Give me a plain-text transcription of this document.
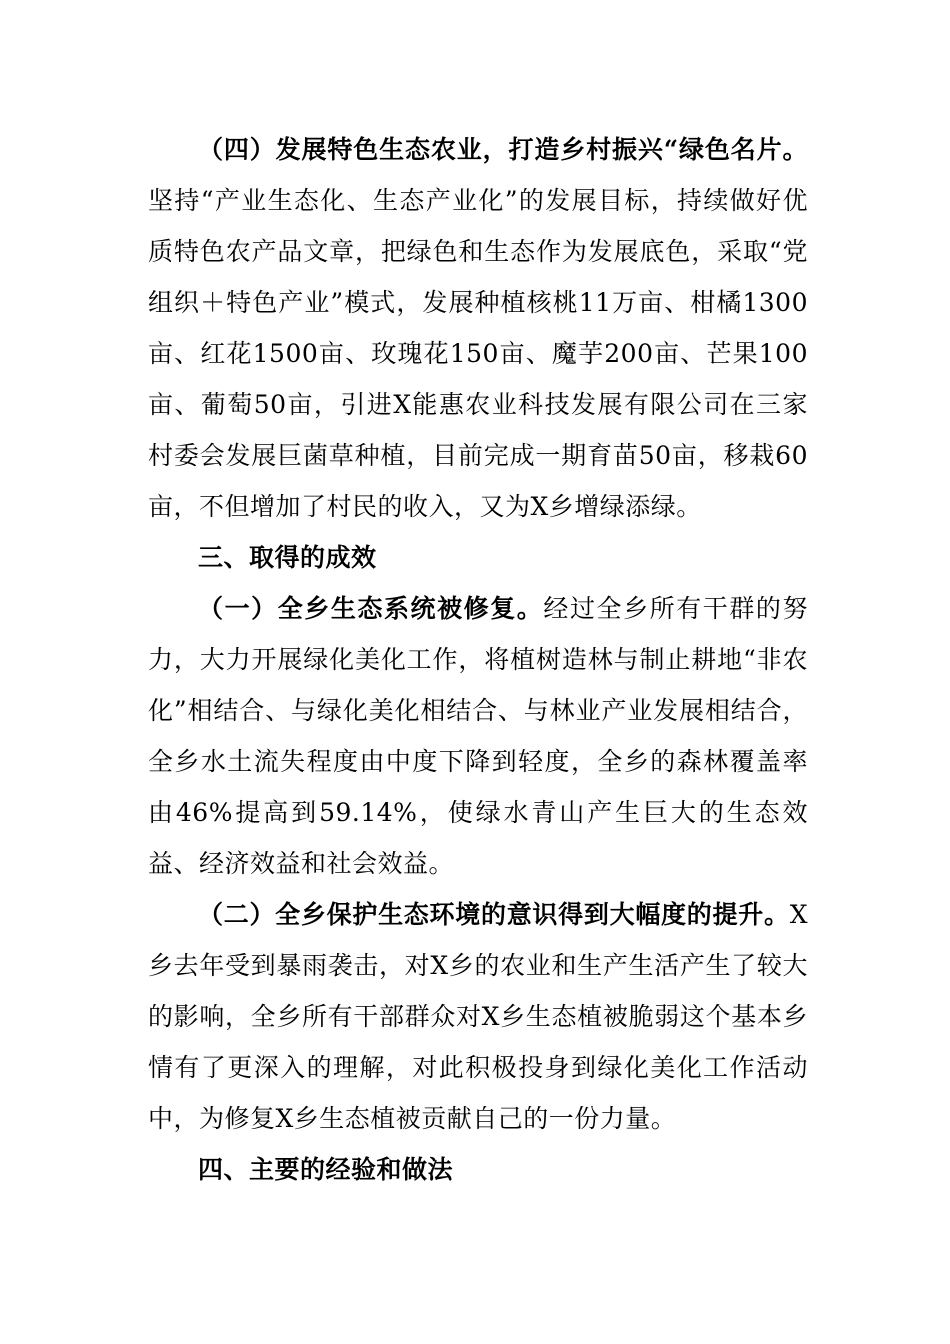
（四）发展特色生态农业，打造乡村振兴“绿色名片。坚持“产业生态化、生态产业化”的发展目标，持续做好优质特色农产品文章，把绿色和生态作为发展底色，采取“党组织＋特色产业”模式，发展种植核桃11万亩、柑橘1300亩、红花1500亩、玫瑰花150亩、魔芋200亩、芒果100亩、葡萄50亩，引进X能惠农业科技发展有限公司在三家村委会发展巨菌草种植，目前完成一期育苗50亩，移栽60亩，不但增加了村民的收入，又为X乡增绿添绿。

三、取得的成效

（一）全乡生态系统被修复。经过全乡所有干群的努力，大力开展绿化美化工作，将植树造林与制止耕地“非农化”相结合、与绿化美化相结合、与林业产业发展相结合，全乡水土流失程度由中度下降到轻度，全乡的森林覆盖率由46%提高到59.14%，使绿水青山产生巨大的生态效益、经济效益和社会效益。

（二）全乡保护生态环境的意识得到大幅度的提升。X乡去年受到暴雨袭击，对X乡的农业和生产生活产生了较大的影响，全乡所有干部群众对X乡生态植被脆弱这个基本乡情有了更深入的理解，对此积极投身到绿化美化工作活动中，为修复X乡生态植被贡献自己的一份力量。

四、主要的经验和做法
